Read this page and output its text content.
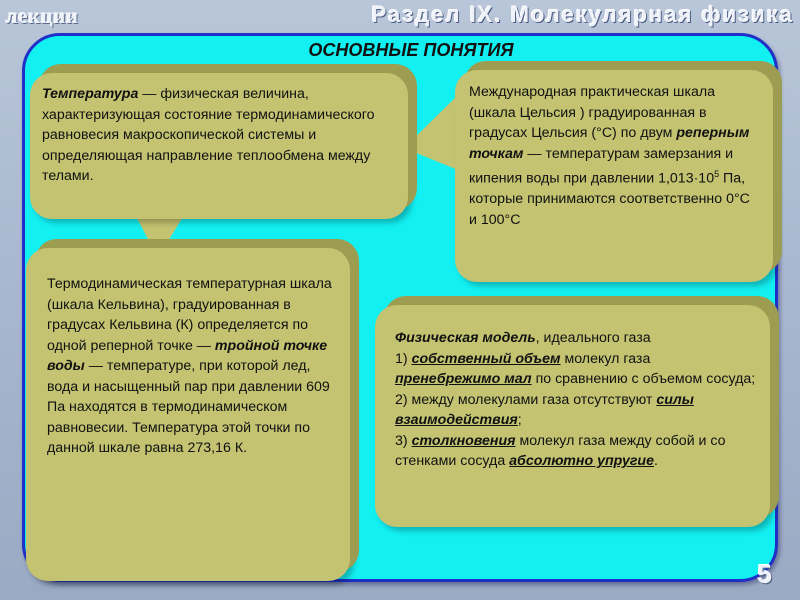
лекции	Раздел IX. Молекулярная физика
ОСНОВНЫЕ ПОНЯТИЯ

Температура — физическая величина, характеризующая состояние термодинамического равновесия макроскопической системы и определяющая направление теплообмена между телами.

Международная практическая шкала (шкала Цельсия ) градуированная в градусах Цельсия (°С) по двум реперным точкам — температурам замерзания и кипения воды при давлении $1,013\cdot 10^5$ Па, которые принимаются соответственно 0°С и 100°С

Термодинамическая температурная шкала (шкала Кельвина), градуированная в градусах Кельвина (К) определяется по одной реперной точке — тройной точке воды — температуре, при которой лед, вода и насыщенный пар при давлении 609 Па находятся в термодинамическом равновесии. Температура этой точки по данной шкале равна 273,16 К.

Физическая модель, идеального газа

1) собственный объем молекул газа пренебрежимо мал по сравнению с объемом сосуда;

2) между молекулами газа отсутствуют силы взаимодействия;

3) столкновения молекул газа между собой и со стенками сосуда абсолютно упругие.

5
